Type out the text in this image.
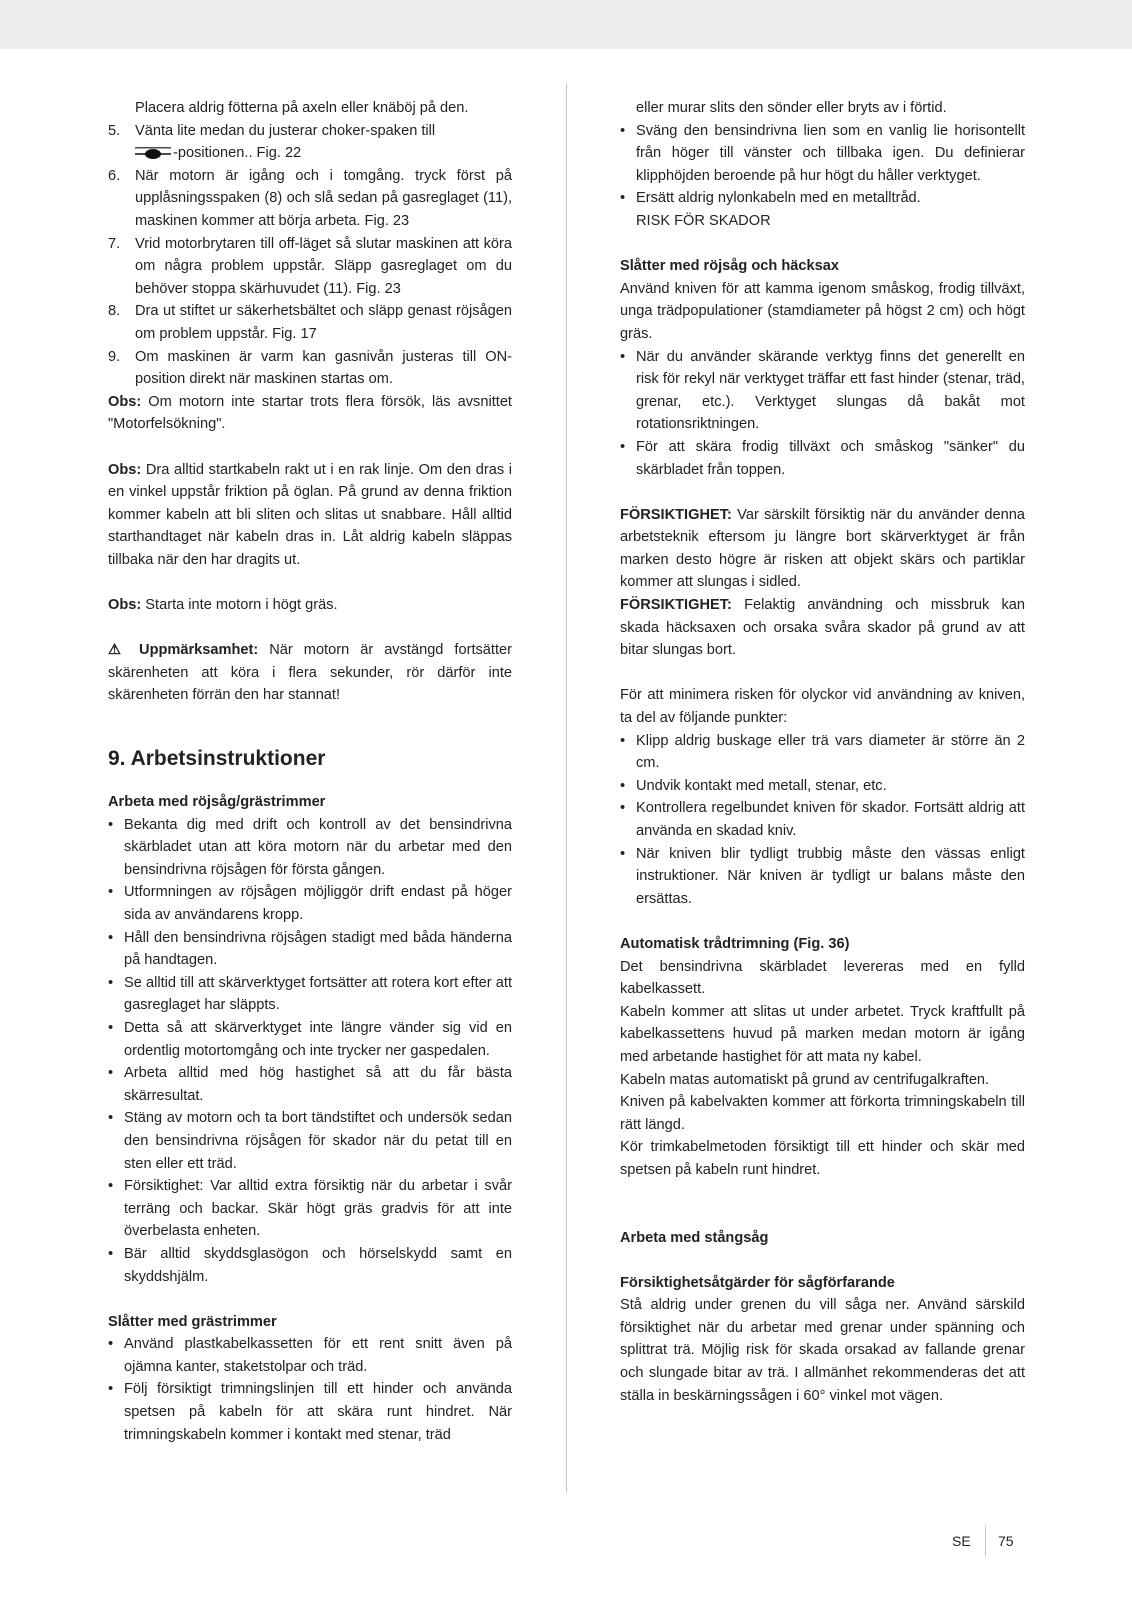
Placera aldrig fötterna på axeln eller knäböj på den.

5. Vänta lite medan du justerar choker-spaken till
-positionen.. Fig. 22
6. När motorn är igång och i tomgång. tryck först på upplåsningsspaken (8) och slå sedan på gasreglaget (11), maskinen kommer att börja arbeta. Fig. 23

7. Vrid motorbrytaren till off-läget så slutar maskinen att köra om några problem uppstår. Släpp gasreglaget om du behöver stoppa skärhuvudet (11). Fig. 23

8. Dra ut stiftet ur säkerhetsbältet och släpp genast röjsågen om problem uppstår. Fig. 17

9. Om maskinen är varm kan gasnivån justeras till ON-position direkt när maskinen startas om.

Obs: Om motorn inte startar trots flera försök, läs avsnittet "Motorfelsökning".

Obs: Dra alltid startkabeln rakt ut i en rak linje. Om den dras i en vinkel uppstår friktion på öglan. På grund av denna friktion kommer kabeln att bli sliten och slitas ut snabbare. Håll alltid starthandtaget när kabeln dras in. Låt aldrig kabeln släppas tillbaka när den har dragits ut.

Obs: Starta inte motorn i högt gräs.

⚠ Uppmärksamhet: När motorn är avstängd fortsätter skärenheten att köra i flera sekunder, rör därför inte skärenheten förrän den har stannat!

9. Arbetsinstruktioner

Arbeta med röjsåg/grästrimmer

• Bekanta dig med drift och kontroll av det bensindrivna skärbladet utan att köra motorn när du arbetar med den bensindrivna röjsågen för första gången.
• Utformningen av röjsågen möjliggör drift endast på höger sida av användarens kropp.
• Håll den bensindrivna röjsågen stadigt med båda händerna på handtagen.
• Se alltid till att skärverktyget fortsätter att rotera kort efter att gasreglaget har släppts.
• Detta så att skärverktyget inte längre vänder sig vid en ordentlig motortomgång och inte trycker ner gaspedalen.
• Arbeta alltid med hög hastighet så att du får bästa skärresultat.
• Stäng av motorn och ta bort tändstiftet och undersök sedan den bensindrivna röjsågen för skador när du petat till en sten eller ett träd.
• Försiktighet: Var alltid extra försiktig när du arbetar i svår terräng och backar. Skär högt gräs gradvis för att inte överbelasta enheten.
• Bär alltid skyddsglasögon och hörselskydd samt en skyddshjälm.

Slåtter med grästrimmer

• Använd plastkabelkassetten för ett rent snitt även på ojämna kanter, staketstolpar och träd.
• Följ försiktigt trimningslinjen till ett hinder och använda spetsen på kabeln för att skära runt hindret. När trimningskabeln kommer i kontakt med stenar, träd

eller murar slits den sönder eller bryts av i förtid.

• Sväng den bensindrivna lien som en vanlig lie horisontellt från höger till vänster och tillbaka igen. Du definierar klipphöjden beroende på hur högt du håller verktyget.
• Ersätt aldrig nylonkabeln med en metalltråd.

RISK FÖR SKADOR

Slåtter med röjsåg och häcksax

Använd kniven för att kamma igenom småskog, frodig tillväxt, unga trädpopulationer (stamdiameter på högst 2 cm) och högt gräs.

• När du använder skärande verktyg finns det generellt en risk för rekyl när verktyget träffar ett fast hinder (stenar, träd, grenar, etc.). Verktyget slungas då bakåt mot rotationsriktningen.
• För att skära frodig tillväxt och småskog "sänker" du skärbladet från toppen.

FÖRSIKTIGHET: Var särskilt försiktig när du använder denna arbetsteknik eftersom ju längre bort skärverktyget är från marken desto högre är risken att objekt skärs och partiklar kommer att slungas i sidled.

FÖRSIKTIGHET: Felaktig användning och missbruk kan skada häcksaxen och orsaka svåra skador på grund av att bitar slungas bort.

För att minimera risken för olyckor vid användning av kniven, ta del av följande punkter:

• Klipp aldrig buskage eller trä vars diameter är större än 2 cm.
• Undvik kontakt med metall, stenar, etc.
• Kontrollera regelbundet kniven för skador. Fortsätt aldrig att använda en skadad kniv.
• När kniven blir tydligt trubbig måste den vässas enligt instruktioner. När kniven är tydligt ur balans måste den ersättas.

Automatisk trådtrimning (Fig. 36)

Det bensindrivna skärbladet levereras med en fylld kabelkassett.

Kabeln kommer att slitas ut under arbetet. Tryck kraftfullt på kabelkassettens huvud på marken medan motorn är igång med arbetande hastighet för att mata ny kabel.

Kabeln matas automatiskt på grund av centrifugalkraften.

Kniven på kabelvakten kommer att förkorta trimningskabeln till rätt längd.

Kör trimkabelmetoden försiktigt till ett hinder och skär med spetsen på kabeln runt hindret.

Arbeta med stångsåg

Försiktighetsåtgärder för sågförfarande

Stå aldrig under grenen du vill såga ner. Använd särskild försiktighet när du arbetar med grenar under spänning och splittrat trä. Möjlig risk för skada orsakad av fallande grenar och slungade bitar av trä. I allmänhet rekommenderas det att ställa in beskärningssågen i 60° vinkel mot vägen.

SE	75
